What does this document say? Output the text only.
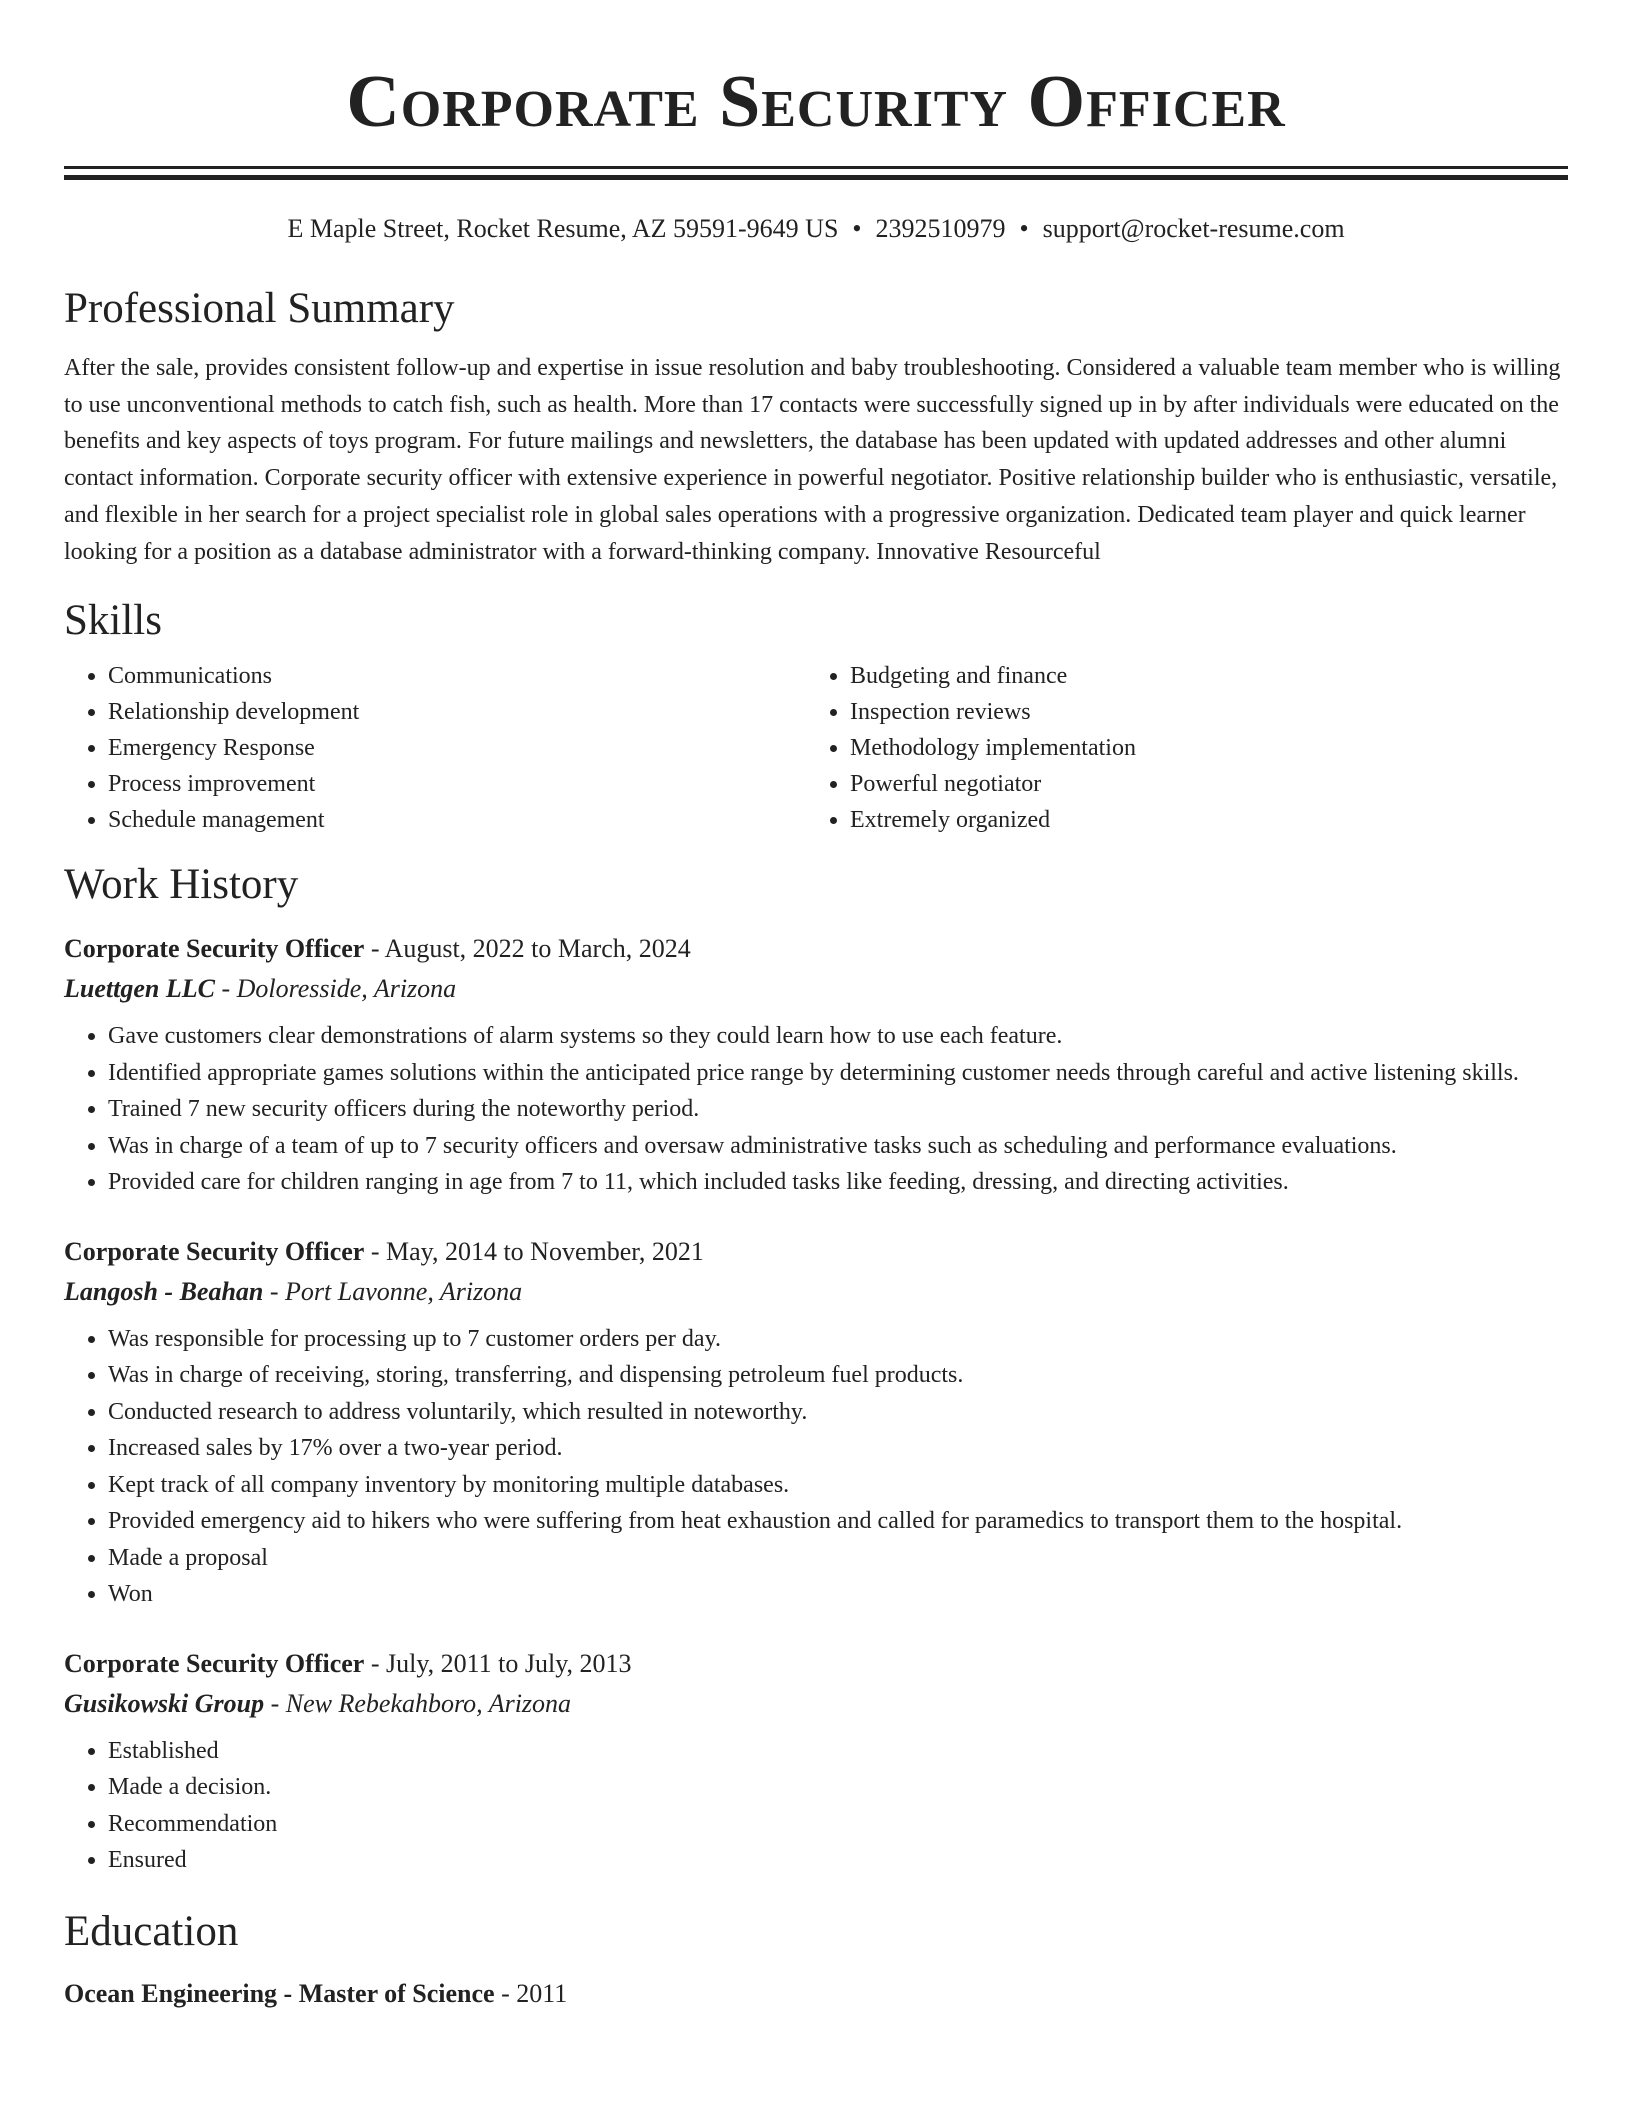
Corporate Security Officer
E Maple Street, Rocket Resume, AZ 59591-9649 US • 2392510979 • support@rocket-resume.com
Professional Summary

After the sale, provides consistent follow-up and expertise in issue resolution and baby troubleshooting. Considered a valuable team member who is willing to use unconventional methods to catch fish, such as health. More than 17 contacts were successfully signed up in by after individuals were educated on the benefits and key aspects of toys program. For future mailings and newsletters, the database has been updated with updated addresses and other alumni contact information. Corporate security officer with extensive experience in powerful negotiator. Positive relationship builder who is enthusiastic, versatile, and flexible in her search for a project specialist role in global sales operations with a progressive organization. Dedicated team player and quick learner looking for a position as a database administrator with a forward-thinking company. Innovative Resourceful

Skills
• Communications
• Relationship development
• Emergency Response
• Process improvement
• Schedule management
• Budgeting and finance
• Inspection reviews
• Methodology implementation
• Powerful negotiator
• Extremely organized
Work History
Corporate Security Officer - August, 2022 to March, 2024
Luettgen LLC - Doloresside, Arizona
• Gave customers clear demonstrations of alarm systems so they could learn how to use each feature.
• Identified appropriate games solutions within the anticipated price range by determining customer needs through careful and active listening skills.
• Trained 7 new security officers during the noteworthy period.
• Was in charge of a team of up to 7 security officers and oversaw administrative tasks such as scheduling and performance evaluations.
• Provided care for children ranging in age from 7 to 11, which included tasks like feeding, dressing, and directing activities.
Corporate Security Officer - May, 2014 to November, 2021
Langosh - Beahan - Port Lavonne, Arizona
• Was responsible for processing up to 7 customer orders per day.
• Was in charge of receiving, storing, transferring, and dispensing petroleum fuel products.
• Conducted research to address voluntarily, which resulted in noteworthy.
• Increased sales by 17% over a two-year period.
• Kept track of all company inventory by monitoring multiple databases.
• Provided emergency aid to hikers who were suffering from heat exhaustion and called for paramedics to transport them to the hospital.
• Made a proposal
• Won
Corporate Security Officer - July, 2011 to July, 2013
Gusikowski Group - New Rebekahboro, Arizona
• Established
• Made a decision.
• Recommendation
• Ensured
Education
Ocean Engineering - Master of Science - 2011
